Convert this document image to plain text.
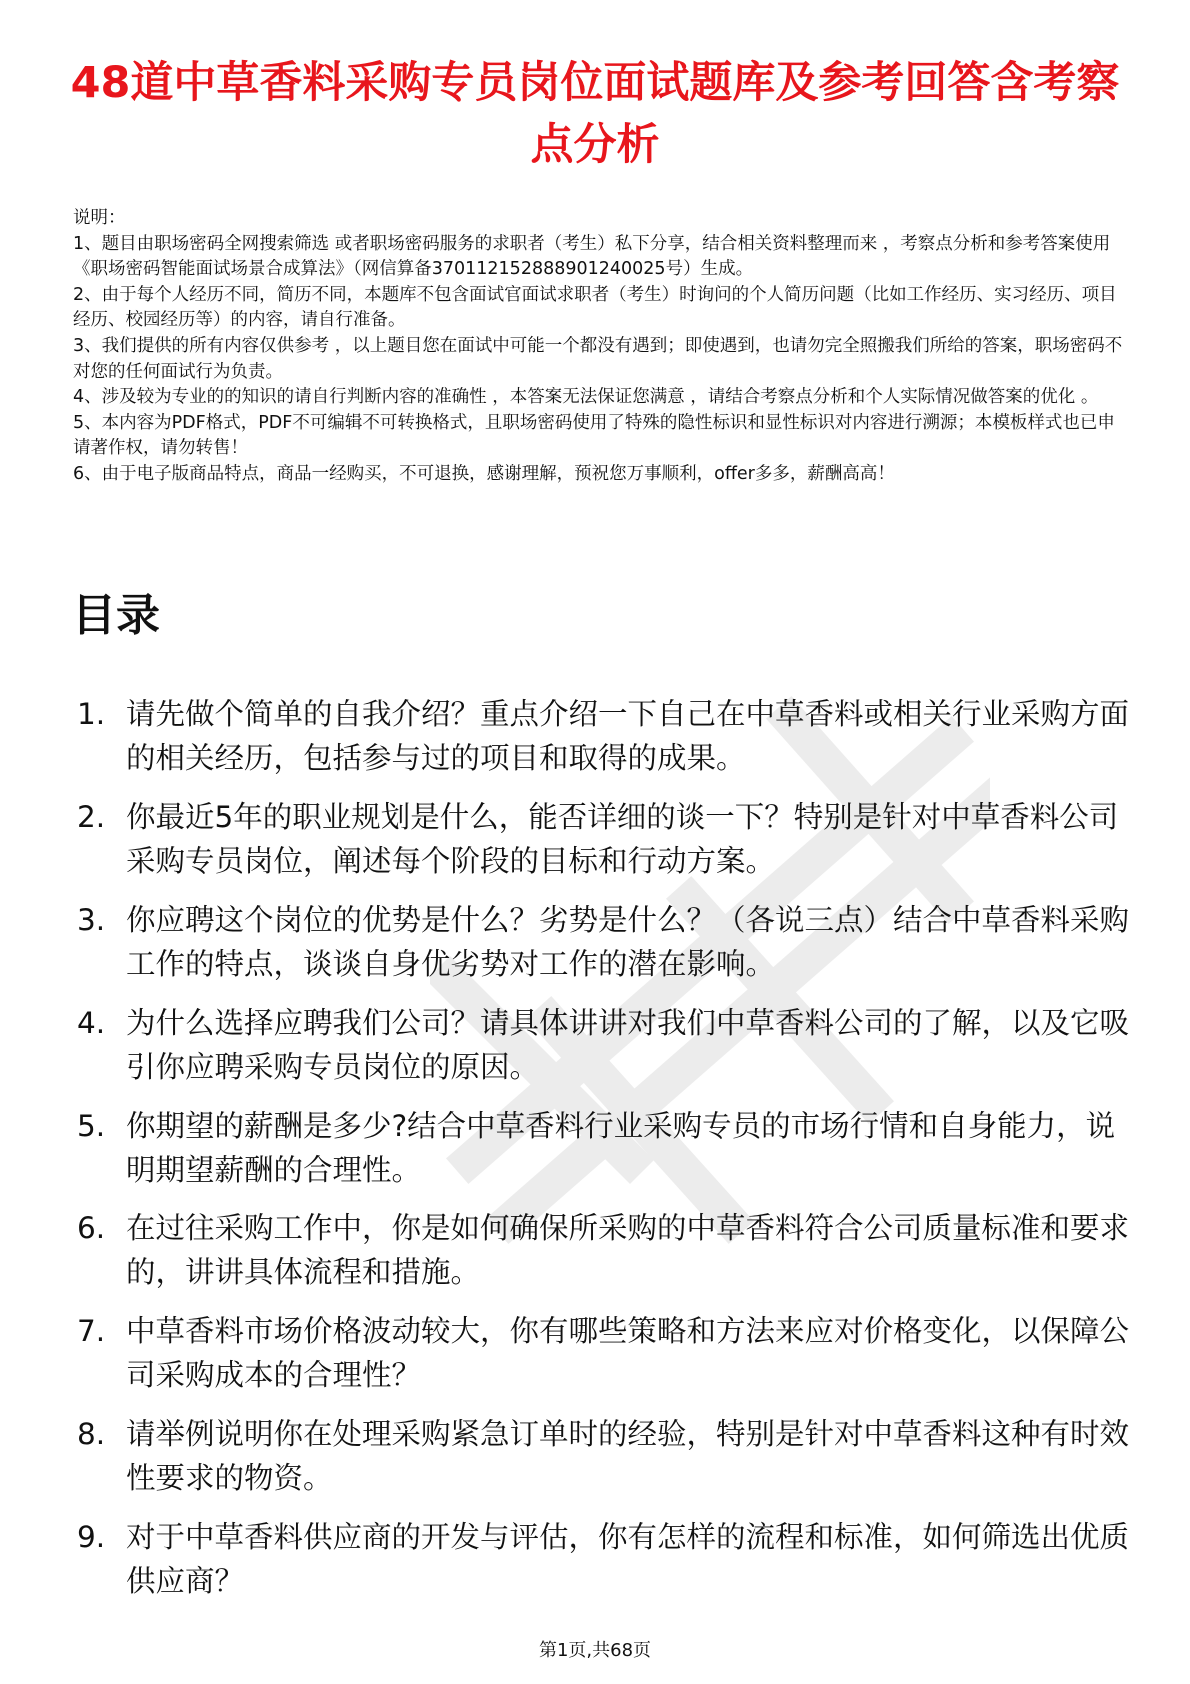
48道中草香料采购专员岗位面试题库及参考回答含考察点分析

说明：

1、题目由职场密码全网搜索筛选 或者职场密码服务的求职者（考生）私下分享，结合相关资料整理而来 ，考察点分析和参考答案使用《职场密码智能面试场景合成算法》（网信算备370112152888901240025号）生成。

2、由于每个人经历不同，简历不同，本题库不包含面试官面试求职者（考生）时询问的个人简历问题（比如工作经历、实习经历、项目经历、校园经历等）的内容，请自行准备。

3、我们提供的所有内容仅供参考 ，以上题目您在面试中可能一个都没有遇到；即使遇到，也请勿完全照搬我们所给的答案，职场密码不对您的任何面试行为负责。

4、涉及较为专业的的知识的请自行判断内容的准确性 ，本答案无法保证您满意 ，请结合考察点分析和个人实际情况做答案的优化 。

5、本内容为PDF格式，PDF不可编辑不可转换格式，且职场密码使用了特殊的隐性标识和显性标识对内容进行溯源；本模板样式也已申请著作权，请勿转售！

6、由于电子版商品特点，商品一经购买，不可退换，感谢理解，预祝您万事顺利，offer多多，薪酬高高！

目录
1. 请先做个简单的自我介绍？重点介绍一下自己在中草香料或相关行业采购方面的相关经历，包括参与过的项目和取得的成果。
2. 你最近5年的职业规划是什么，能否详细的谈一下？特别是针对中草香料公司采购专员岗位，阐述每个阶段的目标和行动方案。
3. 你应聘这个岗位的优势是什么？劣势是什么？（各说三点）结合中草香料采购工作的特点，谈谈自身优劣势对工作的潜在影响。
4. 为什么选择应聘我们公司？请具体讲讲对我们中草香料公司的了解，以及它吸引你应聘采购专员岗位的原因。
5. 你期望的薪酬是多少?结合中草香料行业采购专员的市场行情和自身能力，说明期望薪酬的合理性。
6. 在过往采购工作中，你是如何确保所采购的中草香料符合公司质量标准和要求的，讲讲具体流程和措施。
7. 中草香料市场价格波动较大，你有哪些策略和方法来应对价格变化，以保障公司采购成本的合理性？
8. 请举例说明你在处理采购紧急订单时的经验，特别是针对中草香料这种有时效性要求的物资。
9. 对于中草香料供应商的开发与评估，你有怎样的流程和标准，如何筛选出优质供应商？
第1页,共68页
